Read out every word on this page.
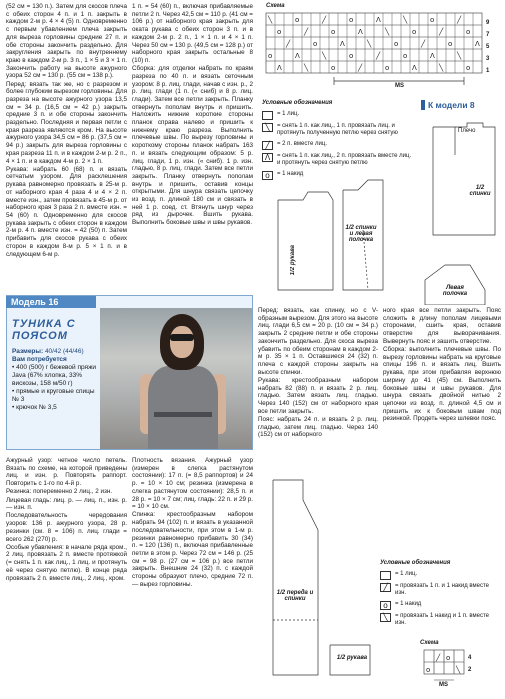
(52 см = 130 п.). Затем для скосов плеча с обеих сторон 4 п. и 1 п. закрыть в каждом 2-м р. 4 × 4 (5) п. Одновременно с первым убавлением плеча закрыть для выреза горловины средние 27 п. и обе стороны закончить раздельно. Для закругления закрыть по внутреннему краю в каждом 2-м р. 3 п., 1 × 5 и 3 × 1 п. Закончить работу на высоте ажурного узора 52 см = 130 р. (55 см = 138 р.).

Перед: вязать так же, но с разрезом и более глубоким вырезом горловины. Для разреза на высоте ажурного узора 13,5 см = 34 р. (16,5 см = 42 р.) закрыть средние 3 п. и обе стороны закончить раздельно. Последняя и первая петли с края разреза являются кром. На высоте ажурного узора 34,5 см = 86 р. (37,5 см = 94 р.) закрыть для выреза горловины с края разреза 11 п. и в каждом 2-м р. 2 п., 4 × 1 п. и в каждом 4-м р. 2 × 1 п.

Рукава: набрать 60 (68) п. и вязать сетчатым узором. Для расклешения рукава равномерно провязать в 25-м р. от наборного края 4 раза 4 и 4 × 2 п. вместе изн., затем провязать в 45-м р. от наборного края 3 раза 2 п. вместе изн. = 54 (60) п. Одновременно для скосов рукава закрыть с обеих сторон в каждом 2-м р. 4 п. вместе изн. = 42 (50) п. Затем прибавить для скосов рукава с обеих сторон в каждом 8-м р. 5 × 1 п. и в следующем 6-м р.

1 п. = 54 (60) п., включая прибавляемые петли 2 п. Через 42,5 см = 110 р. (41 см = 106 р.) от наборного края закрыть для оката рукава с обеих сторон 3 п. и в каждом 2-м р. 2 п., 1 × 1 п. и 4 × 1 п. Через 50 см = 130 р. (49,5 см = 128 р.) от наборного края закрыть остальные 8 (10) п.

Сборка: для отделки набрать по краям разреза по 40 п. и вязать сеточным узором: 8 р. лиц. глади, начав с изн. р., 2 р. лиц. глади (1 п. (« сниб) и 8 р. лиц. глади). Затем все петли закрыть. Планку отвернуть пополам внутрь и пришить. Наложить нижние короткие стороны планок справа налево и пришить к нижнему краю разреза. Выполнить плечевые швы. По вырезу горловины и короткому стороны планок набрать 163 п. и вязать следующим образом: 5 р. лиц. глади, 1 р. изн. (« сниб). 1 р. изн. гладью, 8 р. лиц. глади. Затем все петли закрыть. Планку отвернуть пополам внутрь и пришить, оставив концы открытыми. Для шнура связать цепочку из возд. п. длиной 180 см и связать в ней 1 р. соед. ст. Втянуть шнур через ряд из дырочек. Вшить рукава. Выполнить боковые швы и швы рукавов.

Схема
╲	o	╱	o	Λ	╲	o	╱
o	╱	o	Λ	╲	o	╱	o
╱	o	Λ	╲	o	╱	o	Λ
o	Λ	╲	o	╱	o	Λ	╲
Λ	╲	o	╱	o	Λ	╲	o
MS
9
7
5
3
1
Условные обозначения
= 1 лиц.
╲	= снять 1 п. как лиц., 1 п. провязать лиц. и протянуть полученную петлю через снятую
╱	= 2 п. вместе лиц.
Λ	= снять 1 п. как лиц., 2 п. провязать вместе лиц. и протянуть через снятую петлю
o	= 1 накид
К модели 8
Плечо
1/2 спинки
Левая полочка
1/2 рукава
1/2 спинки и левая полочка
Модель 16
ТУНИКА С ПОЯСОМ
Размеры: 40/42 (44/46)
Вам потребуется
• 400 (500) г бежевой пряжи Java (67% хлопка, 33% вискозы, 158 м/50 г)
• прямые и круговые спицы № 3
• крючок № 3,5

Перед: вязать, как спинку, но с V-образным вырезом. Для этого на высоте лиц. глади 6,5 см = 20 р. (10 см = 34 р.) закрыть 2 средние петли и обе стороны закончить раздельно. Для скоса выреза убавить по обеим сторонам в каждом 2-м р. 35 × 1 п. Оставшиеся 24 (32) п. плеча с каждой стороны закрыть на высоте спинки.

Рукава: крестообразным набором набрать 82 (88) п. и вязать 2 р. лиц. гладью. Затем вязать лиц. гладью. Через 140 (152) см от наборного края все петли закрыть.

Пояс: набрать 24 п. и вязать 2 р. лиц. гладью, затем лиц. гладью. Через 140 (152) см от наборного

ного края все петли закрыть. Пояс сложить в длину пополам лицевыми сторонами, сшить края, оставив отверстие для выворачивания. Вывернуть пояс и зашить отверстие.

Сборка: выполнить плечевые швы. По вырезу горловины набрать на круговые спицы 196 п. и вязать лиц. Вшить рукава, при этом прибавляя верхнюю ширину до 41 (45) см. Выполнить боковые швы и швы рукавов. Для шнура связать двойной нитью 2 цепочки из возд. п. длиной 4,5 см и пришить их к боковым швам под резинкой. Продеть через шлевки пояс.

Ажурный узор: четное число петель. Вязать по схеме, на которой приведены лиц. и изн. р. Повторять раппорт. Повторить с 1-го по 4-й р.

Резинка: попеременно 2 лиц., 2 изн.

Лицевая гладь: лиц. р. — лиц. п., изн. р. — изн. п.

Последовательность чередования узоров: 136 р. ажурного узора, 28 р. резинки (см. 8 = 106) п. лиц. глади = всего 262 (270) р.

Особые убавления: в начале ряда кром., 2 лиц. провязать 2 п. вместе протяжкой (= снять 1 п. как лиц., 1 лиц. и протянуть её через снятую петлю). В конце ряда провязать 2 п. вместе лиц., 2 лиц., кром.

Плотность вязания. Ажурный узор (измерен в слегка растянутом состоянии): 17 п. (= 8,5 раппортов) и 24 р. = 10 × 10 см; резинка (измерена в слегка растянутом состоянии): 28,5 п. и 28 р. = 10 × 7 см; лиц. гладь: 22 п. и 29 р. = 10 × 10 см.

Спинка: крестообразным набором набрать 94 (102) п. и вязать в указанной последовательности, при этом в 1-м р. резинки равномерно прибавить 30 (34) п. = 120 (136) п., включая прибавленные петли в этом р. Через 72 см = 146 р. (25 см = 98 р. (27 см = 106 р.) все петли закрыть. Внешние 24 (32) п. с каждой стороны образуют плечо, средние 72 п. — вырез горловины.

1/2 переда и спинки
1/2 рукава
Условные обозначения
= 1 лиц.
╱	= провязать 1 п. и 1 накид вместе изн.
o	= 1 накид
╲	= провязать 1 накид и 1 п. вместе изн.
Схема
╱ o
o	╲
MS
4
2
